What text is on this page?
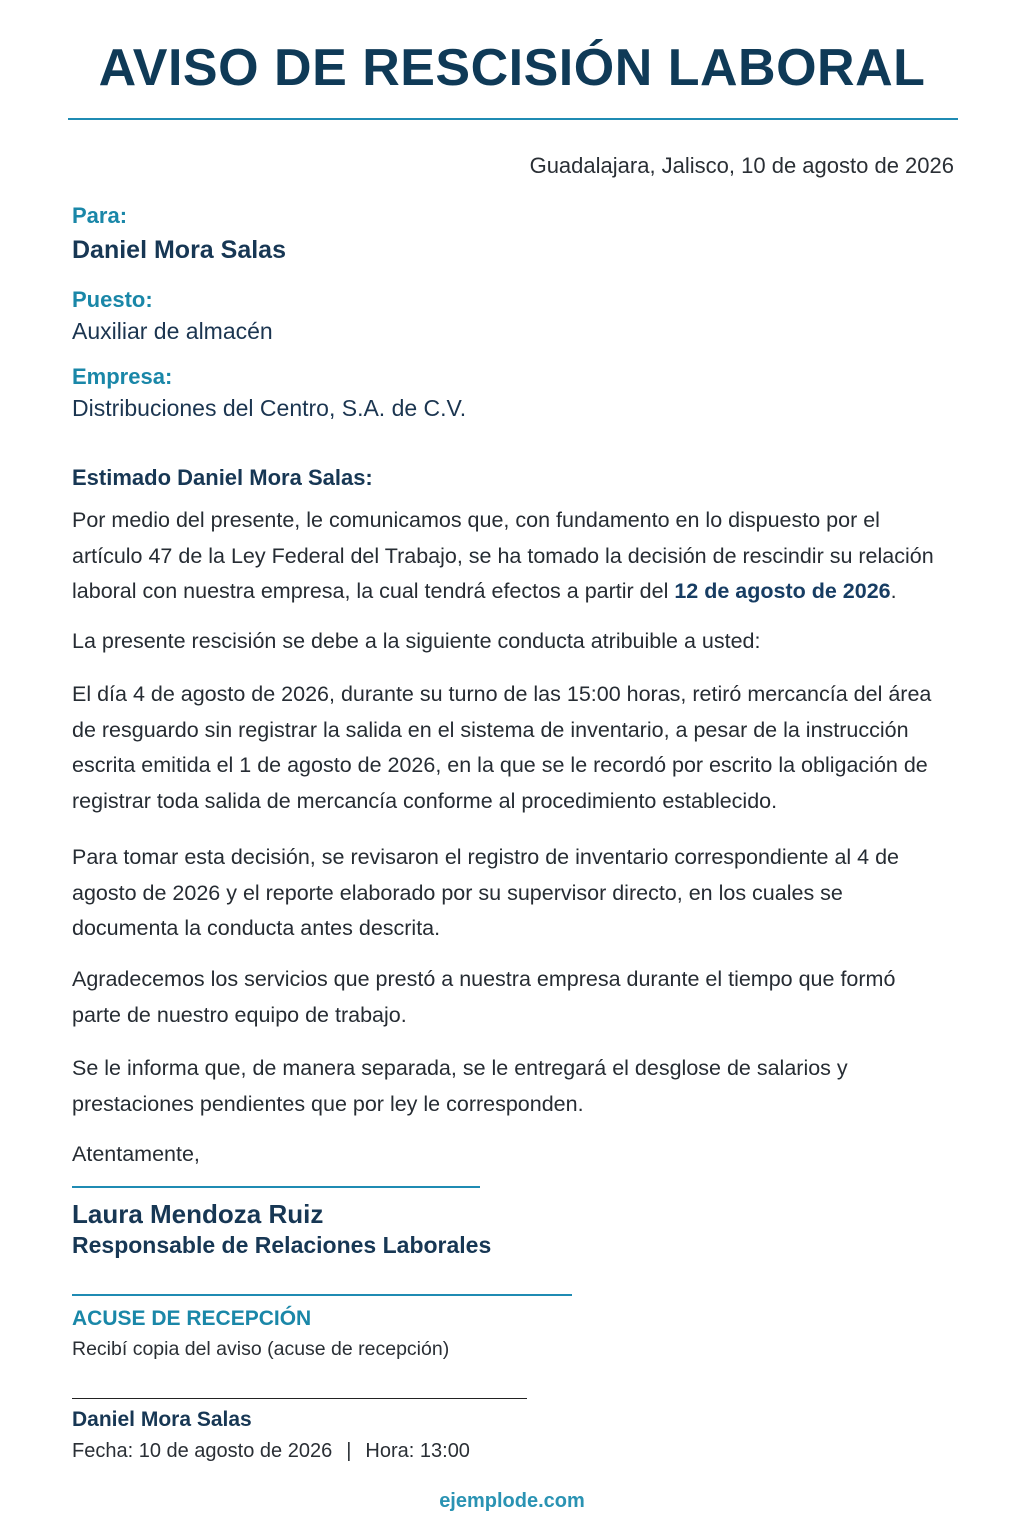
AVISO DE RESCISIÓN LABORAL
Guadalajara, Jalisco, 10 de agosto de 2026
Para:
Daniel Mora Salas
Puesto:
Auxiliar de almacén
Empresa:
Distribuciones del Centro, S.A. de C.V.
Estimado Daniel Mora Salas:

Por medio del presente, le comunicamos que, con fundamento en lo dispuesto por el artículo 47 de la Ley Federal del Trabajo, se ha tomado la decisión de rescindir su relación laboral con nuestra empresa, la cual tendrá efectos a partir del 12 de agosto de 2026.

La presente rescisión se debe a la siguiente conducta atribuible a usted:

El día 4 de agosto de 2026, durante su turno de las 15:00 horas, retiró mercancía del área de resguardo sin registrar la salida en el sistema de inventario, a pesar de la instrucción escrita emitida el 1 de agosto de 2026, en la que se le recordó por escrito la obligación de registrar toda salida de mercancía conforme al procedimiento establecido.

Para tomar esta decisión, se revisaron el registro de inventario correspondiente al 4 de agosto de 2026 y el reporte elaborado por su supervisor directo, en los cuales se documenta la conducta antes descrita.

Agradecemos los servicios que prestó a nuestra empresa durante el tiempo que formó parte de nuestro equipo de trabajo.

Se le informa que, de manera separada, se le entregará el desglose de salarios y prestaciones pendientes que por ley le corresponden.

Atentamente,
Laura Mendoza Ruiz
Responsable de Relaciones Laborales
ACUSE DE RECEPCIÓN
Recibí copia del aviso (acuse de recepción)
Daniel Mora Salas
Fecha: 10 de agosto de 2026 | Hora: 13:00
ejemplode.com
